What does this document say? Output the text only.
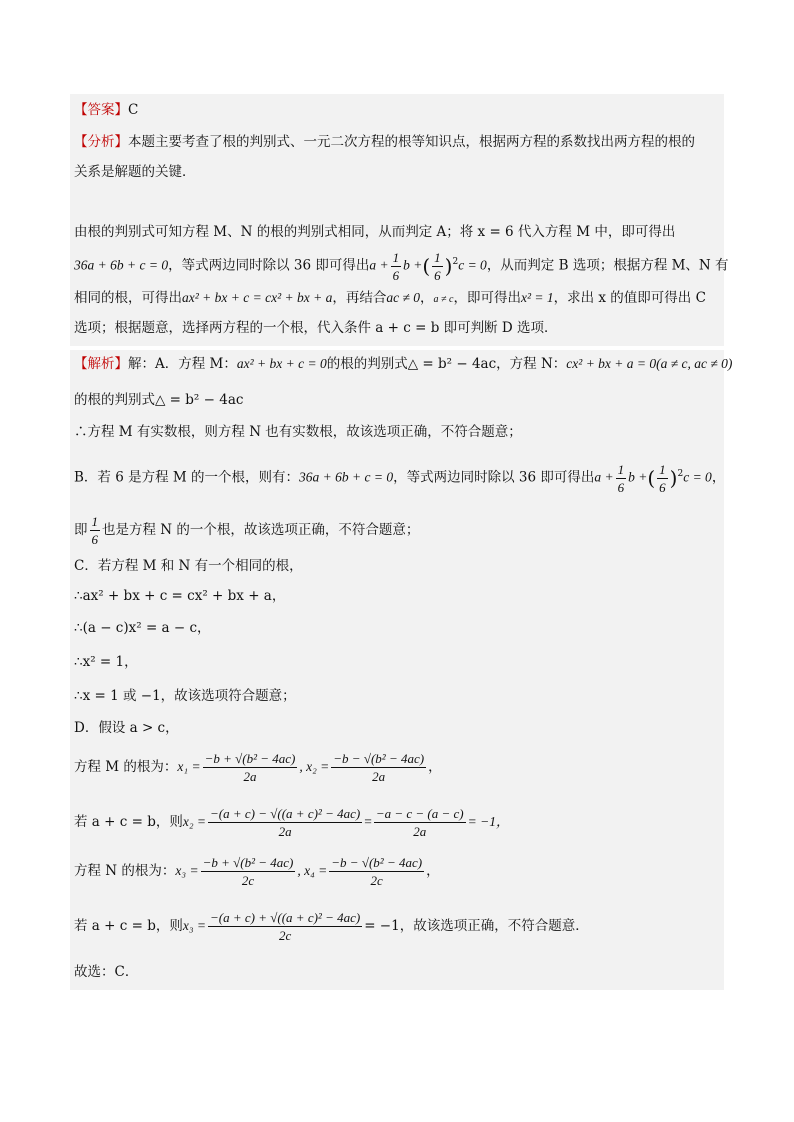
【答案】C
【分析】本题主要考查了根的判别式、一元二次方程的根等知识点，根据两方程的系数找出两方程的根的
关系是解题的关键．
由根的判别式可知方程 M、N 的根的判别式相同，从而判定 A；将 x = 6 代入方程 M 中，即可得出
36a + 6b + c = 0，等式两边同时除以 36 即可得出$a + \frac{1}{6}$ b +( $\frac{1}{6} )^2c = 0$，从而判定 B 选项；根据方程 M、N 有
相同的根，可得出ax² + bx + c = cx² + bx + a，再结合ac ≠ 0，a ≠ c，即可得出x² = 1，求出 x 的值即可得出 C
选项；根据题意，选择两方程的一个根，代入条件 a + c = b 即可判断 D 选项．
【解析】解：A．方程 M：ax² + bx + c = 0的根的判别式△ = b² − 4ac，方程 N：cx² + bx + a = 0(a ≠ c, ac ≠ 0)
的根的判别式△ = b² − 4ac
∴方程 M 有实数根，则方程 N 也有实数根，故该选项正确，不符合题意；
B．若 6 是方程 M 的一个根，则有：36a + 6b + c = 0，等式两边同时除以 36 即可得出$a + \frac{1}{6}$ b +( $\frac{1}{6} )^2c = 0$，
即 $\frac{1}{6}$ 也是方程 N 的一个根，故该选项正确，不符合题意；
C．若方程 M 和 N 有一个相同的根，
∴ax² + bx + c = cx² + bx + a，
∴(a − c)x² = a − c，
∴x² = 1，
∴x = 1 或 −1，故该选项符合题意；
D．假设 a > c，
方程 M 的根为：$x_1 = \frac{\text{−b + √(b² − 4ac)}}{2a}$ , $x_2 = \frac{\text{−b − √(b² − 4ac)}}{2a}$ ，
若 a + c = b，则$x_2 = \frac{\text{−(a + c) − √((a + c)² − 4ac)}}{2a} = \frac{-a - c - (a - c)}{2a} = -1$，
方程 N 的根为：$x_3 = \frac{\text{−b + √(b² − 4ac)}}{2c}$ , $x_4 = \frac{\text{−b − √(b² − 4ac)}}{2c}$ ，
若 a + c = b，则$x_3 = \frac{\text{−(a + c) + √((a + c)² − 4ac)}}{2c} = -1$，故该选项正确，不符合题意．
故选：C．
